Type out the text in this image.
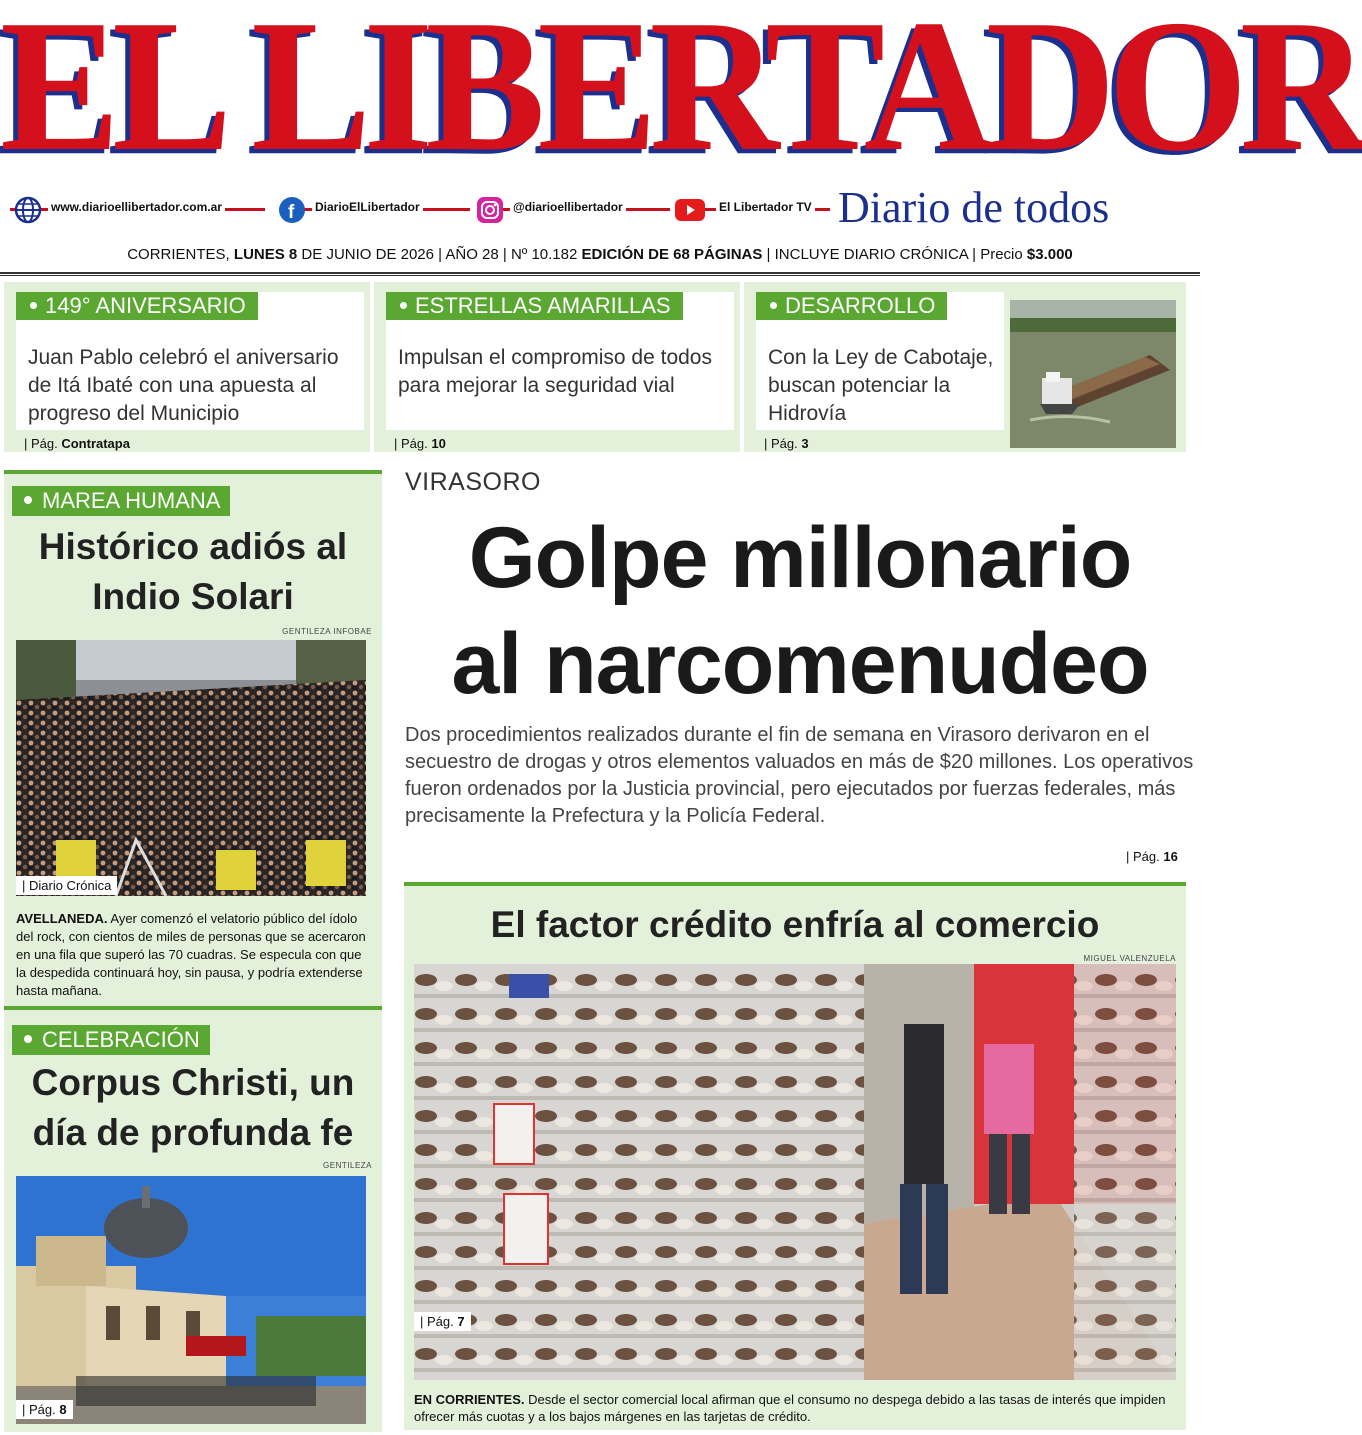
EL LIBERTADOR
www.diarioellibertador.com.ar	f DiarioElLibertador	@diarioellibertador	El Libertador TV Diario de todos
CORRIENTES, LUNES 8 DE JUNIO DE 2026 | AÑO 28 | Nº 10.182 EDICIÓN DE 68 PÁGINAS | INCLUYE DIARIO CRÓNICA | Precio $3.000
149° ANIVERSARIO
Juan Pablo celebró el aniversario de Itá Ibaté con una apuesta al progreso del Municipio
| Pág. Contratapa
ESTRELLAS AMARILLAS
Impulsan el compromiso de todos para mejorar la seguridad vial
| Pág. 10
DESARROLLO
Con la Ley de Cabotaje, buscan potenciar la Hidrovía
| Pág. 3
MAREA HUMANA
Histórico adiós al
Indio Solari
GENTILEZA INFOBAE
| Diario Crónica
AVELLANEDA. Ayer comenzó el velatorio público del ídolo del rock, con cientos de miles de personas que se acercaron en una fila que superó las 70 cuadras. Se especula con que la despedida continuará hoy, sin pausa, y podría extenderse hasta mañana.
CELEBRACIÓN
Corpus Christi, un
día de profunda fe
GENTILEZA
| Pág. 8
VIRASORO
Golpe millonario
al narcomenudeo
Dos procedimientos realizados durante el fin de semana en Virasoro derivaron en el secuestro de drogas y otros elementos valuados en más de $20 millones. Los operativos fueron ordenados por la Justicia provincial, pero ejecutados por fuerzas federales, más precisamente la Prefectura y la Policía Federal.
| Pág. 16
El factor crédito enfría al comercio
MIGUEL VALENZUELA
| Pág. 7
EN CORRIENTES. Desde el sector comercial local afirman que el consumo no despega debido a las tasas de interés que impiden ofrecer más cuotas y a los bajos márgenes en las tarjetas de crédito.
